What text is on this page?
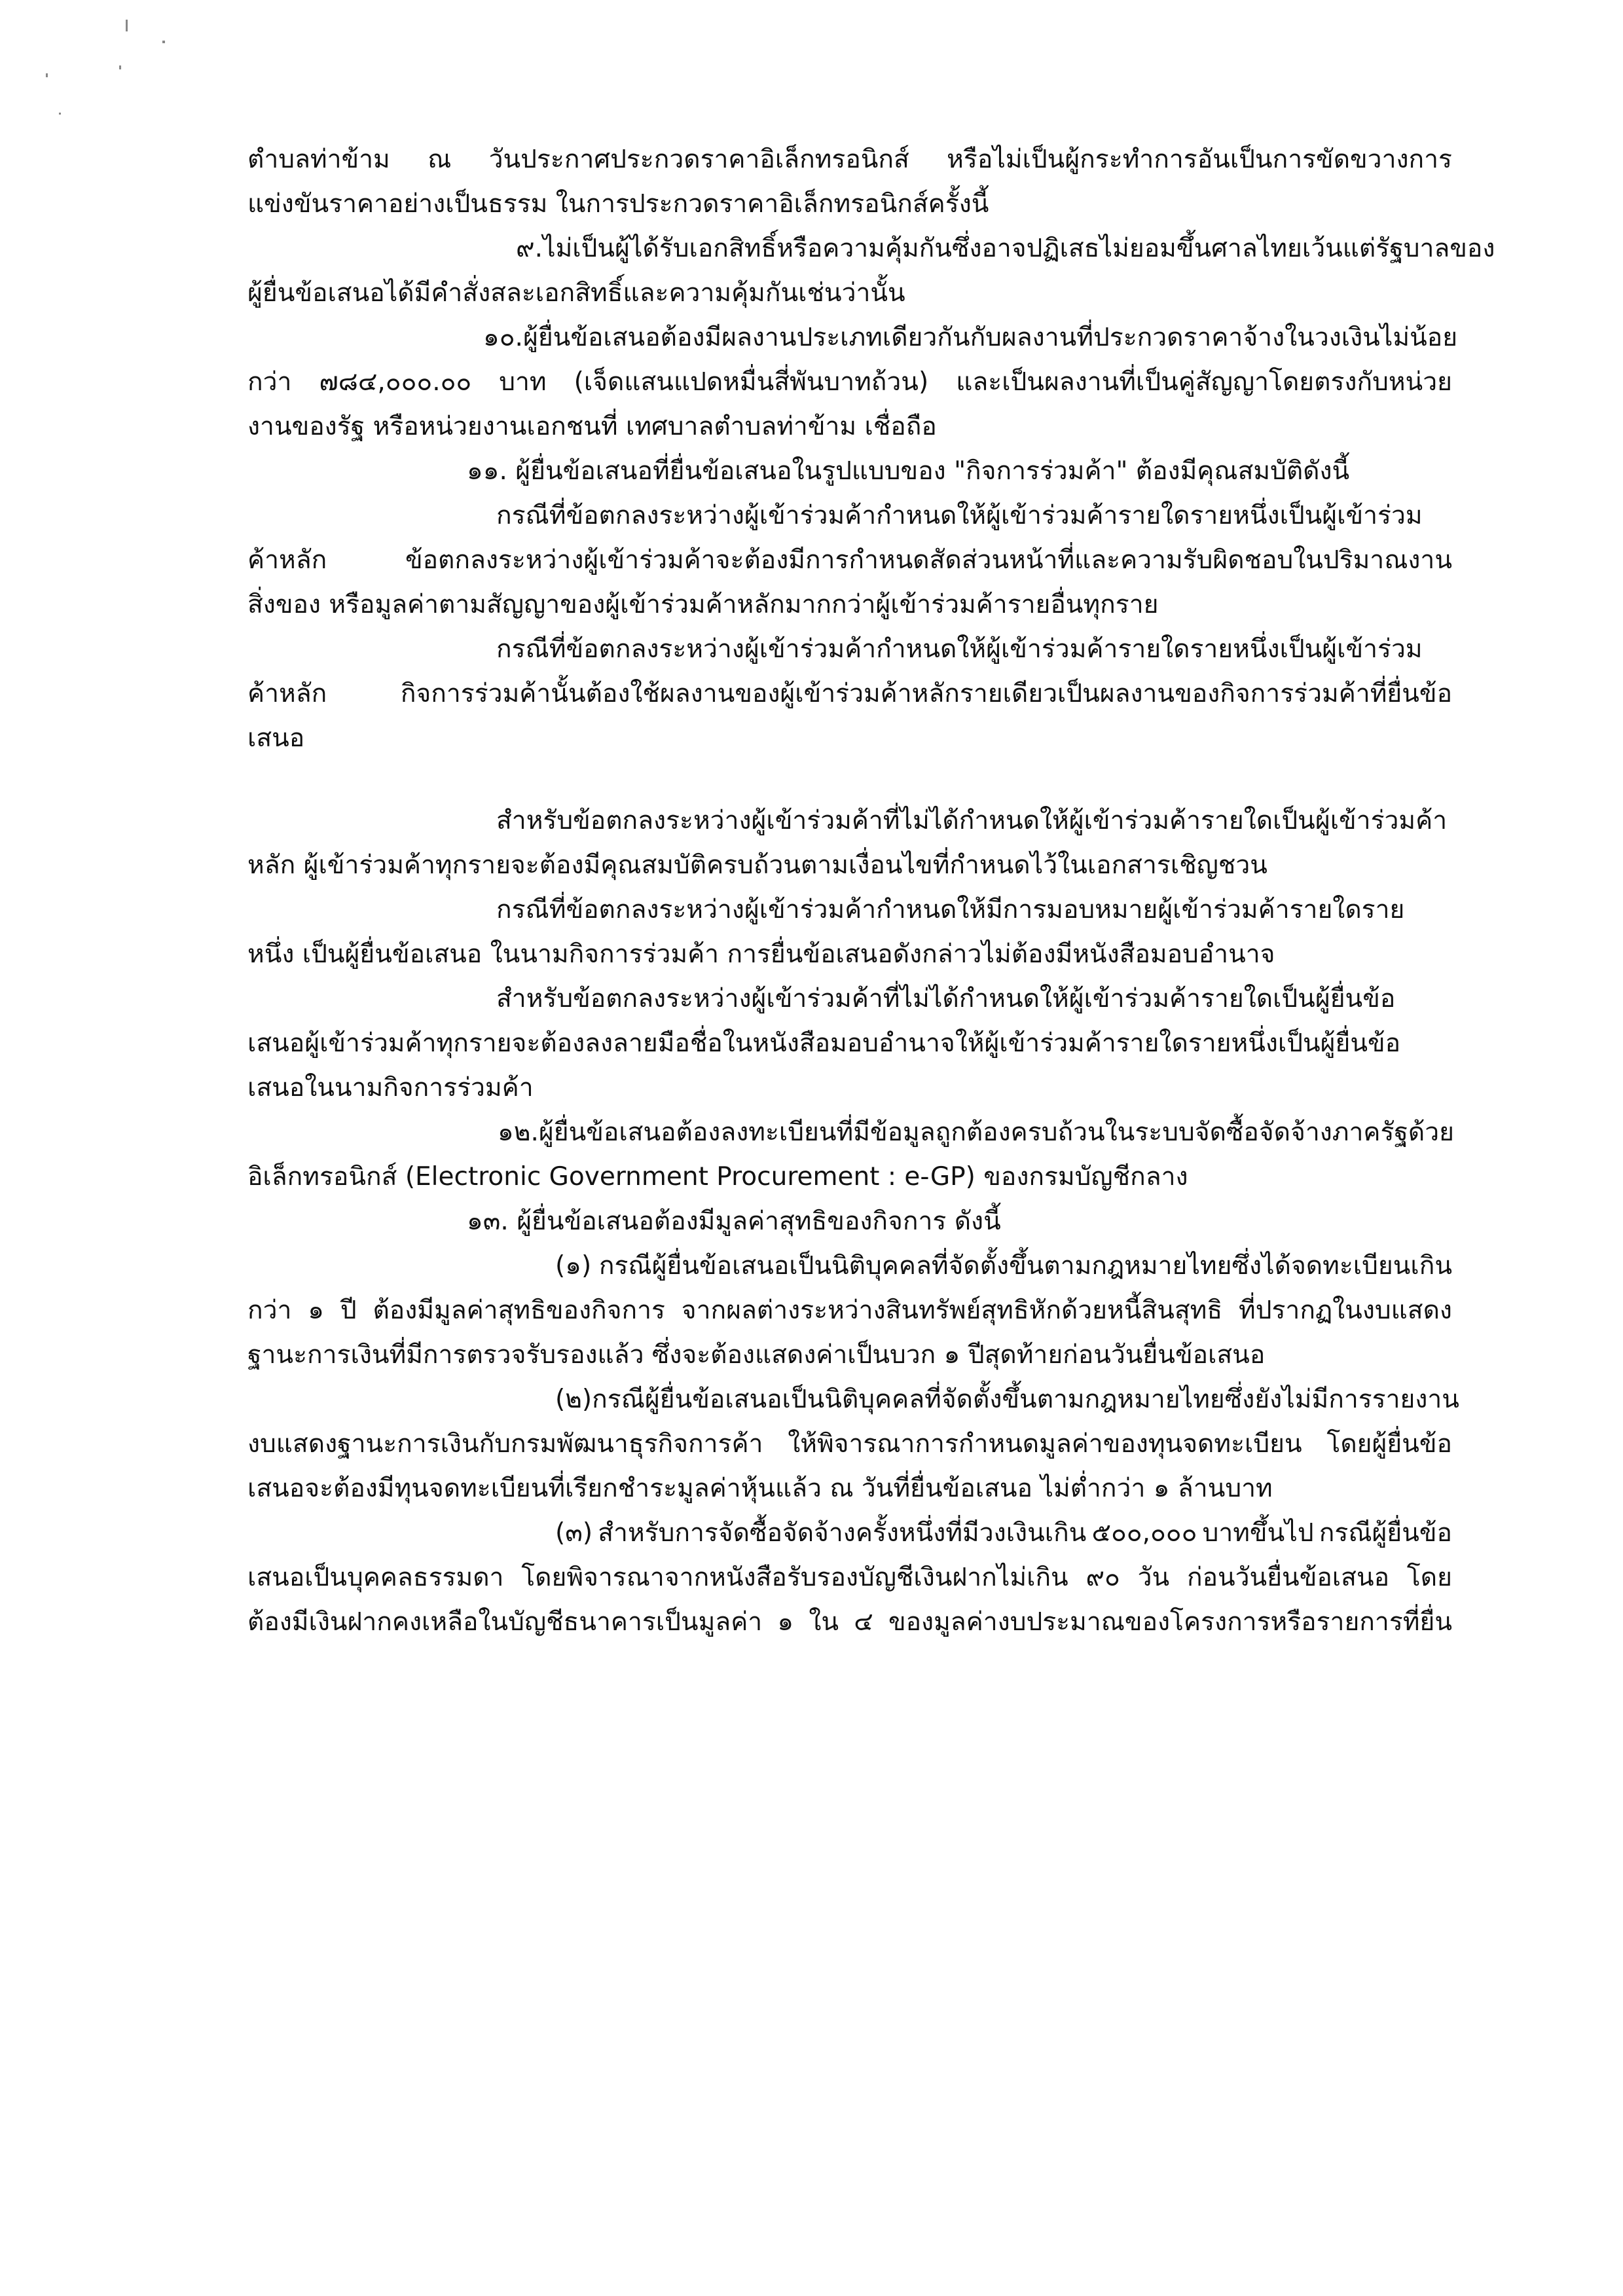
ตำบลท่าข้าม ณ วันประกาศประกวดราคาอิเล็กทรอนิกส์ หรือไม่เป็นผู้กระทำการอันเป็นการขัดขวางการ
แข่งขันราคาอย่างเป็นธรรม ในการประกวดราคาอิเล็กทรอนิกส์ครั้งนี้
๙. ไม่เป็นผู้ได้รับเอกสิทธิ์หรือความคุ้มกัน ซึ่งอาจปฏิเสธไม่ยอมขึ้นศาลไทย เว้นแต่รัฐบาลของ
ผู้ยื่นข้อเสนอได้มีคำสั่งสละเอกสิทธิ์และความคุ้มกันเช่นว่านั้น
๑๐. ผู้ยื่นข้อเสนอต้องมีผลงานประเภทเดียวกันกับผลงานที่ประกวดราคาจ้างในวงเงินไม่น้อย
กว่า ๗๘๔,๐๐๐.๐๐ บาท (เจ็ดแสนแปดหมื่นสี่พันบาทถ้วน) และเป็นผลงานที่เป็นคู่สัญญาโดยตรงกับหน่วย
งานของรัฐ หรือหน่วยงานเอกชนที่ เทศบาลตำบลท่าข้าม เชื่อถือ
๑๑. ผู้ยื่นข้อเสนอที่ยื่นข้อเสนอในรูปแบบของ "กิจการร่วมค้า" ต้องมีคุณสมบัติดังนี้
กรณีที่ข้อตกลงระหว่างผู้เข้าร่วมค้ากำหนดให้ผู้เข้าร่วมค้ารายใดรายหนึ่งเป็นผู้เข้าร่วม
ค้าหลัก	ข้อตกลงระหว่างผู้เข้าร่วมค้าจะต้องมีการกำหนดสัดส่วนหน้าที่และความรับผิดชอบในปริมาณงาน
สิ่งของ หรือมูลค่าตามสัญญาของผู้เข้าร่วมค้าหลักมากกว่าผู้เข้าร่วมค้ารายอื่นทุกราย
กรณีที่ข้อตกลงระหว่างผู้เข้าร่วมค้ากำหนดให้ผู้เข้าร่วมค้ารายใดรายหนึ่งเป็นผู้เข้าร่วม
ค้าหลัก	กิจการร่วมค้านั้นต้องใช้ผลงานของผู้เข้าร่วมค้าหลักรายเดียวเป็นผลงานของกิจการร่วมค้าที่ยื่นข้อ
เสนอ
สำหรับข้อตกลงระหว่างผู้เข้าร่วมค้าที่ไม่ได้กำหนดให้ผู้เข้าร่วมค้ารายใดเป็นผู้เข้าร่วมค้า
หลัก ผู้เข้าร่วมค้าทุกรายจะต้องมีคุณสมบัติครบถ้วนตามเงื่อนไขที่กำหนดไว้ในเอกสารเชิญชวน
กรณีที่ข้อตกลงระหว่างผู้เข้าร่วมค้ากำหนดให้มีการมอบหมายผู้เข้าร่วมค้ารายใดราย
หนึ่ง เป็นผู้ยื่นข้อเสนอ ในนามกิจการร่วมค้า การยื่นข้อเสนอดังกล่าวไม่ต้องมีหนังสือมอบอำนาจ
สำหรับข้อตกลงระหว่างผู้เข้าร่วมค้าที่ไม่ได้กำหนดให้ผู้เข้าร่วมค้ารายใดเป็นผู้ยื่นข้อ
เสนอผู้เข้าร่วมค้าทุกรายจะต้องลงลายมือชื่อในหนังสือมอบอำนาจให้ผู้เข้าร่วมค้ารายใดรายหนึ่งเป็นผู้ยื่นข้อ
เสนอในนามกิจการร่วมค้า
๑๒. ผู้ยื่นข้อเสนอต้องลงทะเบียนที่มีข้อมูลถูกต้องครบถ้วนในระบบจัดซื้อจัดจ้างภาครัฐด้วย
อิเล็กทรอนิกส์ (Electronic Government Procurement : e-GP) ของกรมบัญชีกลาง
๑๓. ผู้ยื่นข้อเสนอต้องมีมูลค่าสุทธิของกิจการ ดังนี้
(๑) กรณีผู้ยื่นข้อเสนอเป็นนิติบุคคลที่จัดตั้งขึ้นตามกฎหมายไทยซึ่งได้จดทะเบียนเกิน
กว่า ๑ ปี ต้องมีมูลค่าสุทธิของกิจการ จากผลต่างระหว่างสินทรัพย์สุทธิหักด้วยหนี้สินสุทธิ ที่ปรากฏในงบแสดง
ฐานะการเงินที่มีการตรวจรับรองแล้ว ซึ่งจะต้องแสดงค่าเป็นบวก ๑ ปีสุดท้ายก่อนวันยื่นข้อเสนอ
(๒) กรณีผู้ยื่นข้อเสนอเป็นนิติบุคคลที่จัดตั้งขึ้นตามกฎหมายไทย ซึ่งยังไม่มีการรายงาน
งบแสดงฐานะการเงินกับกรมพัฒนาธุรกิจการค้า ให้พิจารณาการกำหนดมูลค่าของทุนจดทะเบียน โดยผู้ยื่นข้อ
เสนอจะต้องมีทุนจดทะเบียนที่เรียกชำระมูลค่าหุ้นแล้ว ณ วันที่ยื่นข้อเสนอ ไม่ต่ำกว่า ๑ ล้านบาท
(๓) สำหรับการจัดซื้อจัดจ้างครั้งหนึ่งที่มีวงเงินเกิน ๕๐๐,๐๐๐ บาทขึ้นไป กรณีผู้ยื่นข้อ
เสนอเป็นบุคคลธรรมดา โดยพิจารณาจากหนังสือรับรองบัญชีเงินฝากไม่เกิน ๙๐ วัน ก่อนวันยื่นข้อเสนอ โดย
ต้องมีเงินฝากคงเหลือในบัญชีธนาคารเป็นมูลค่า ๑ ใน ๔ ของมูลค่างบประมาณของโครงการหรือรายการที่ยื่น
